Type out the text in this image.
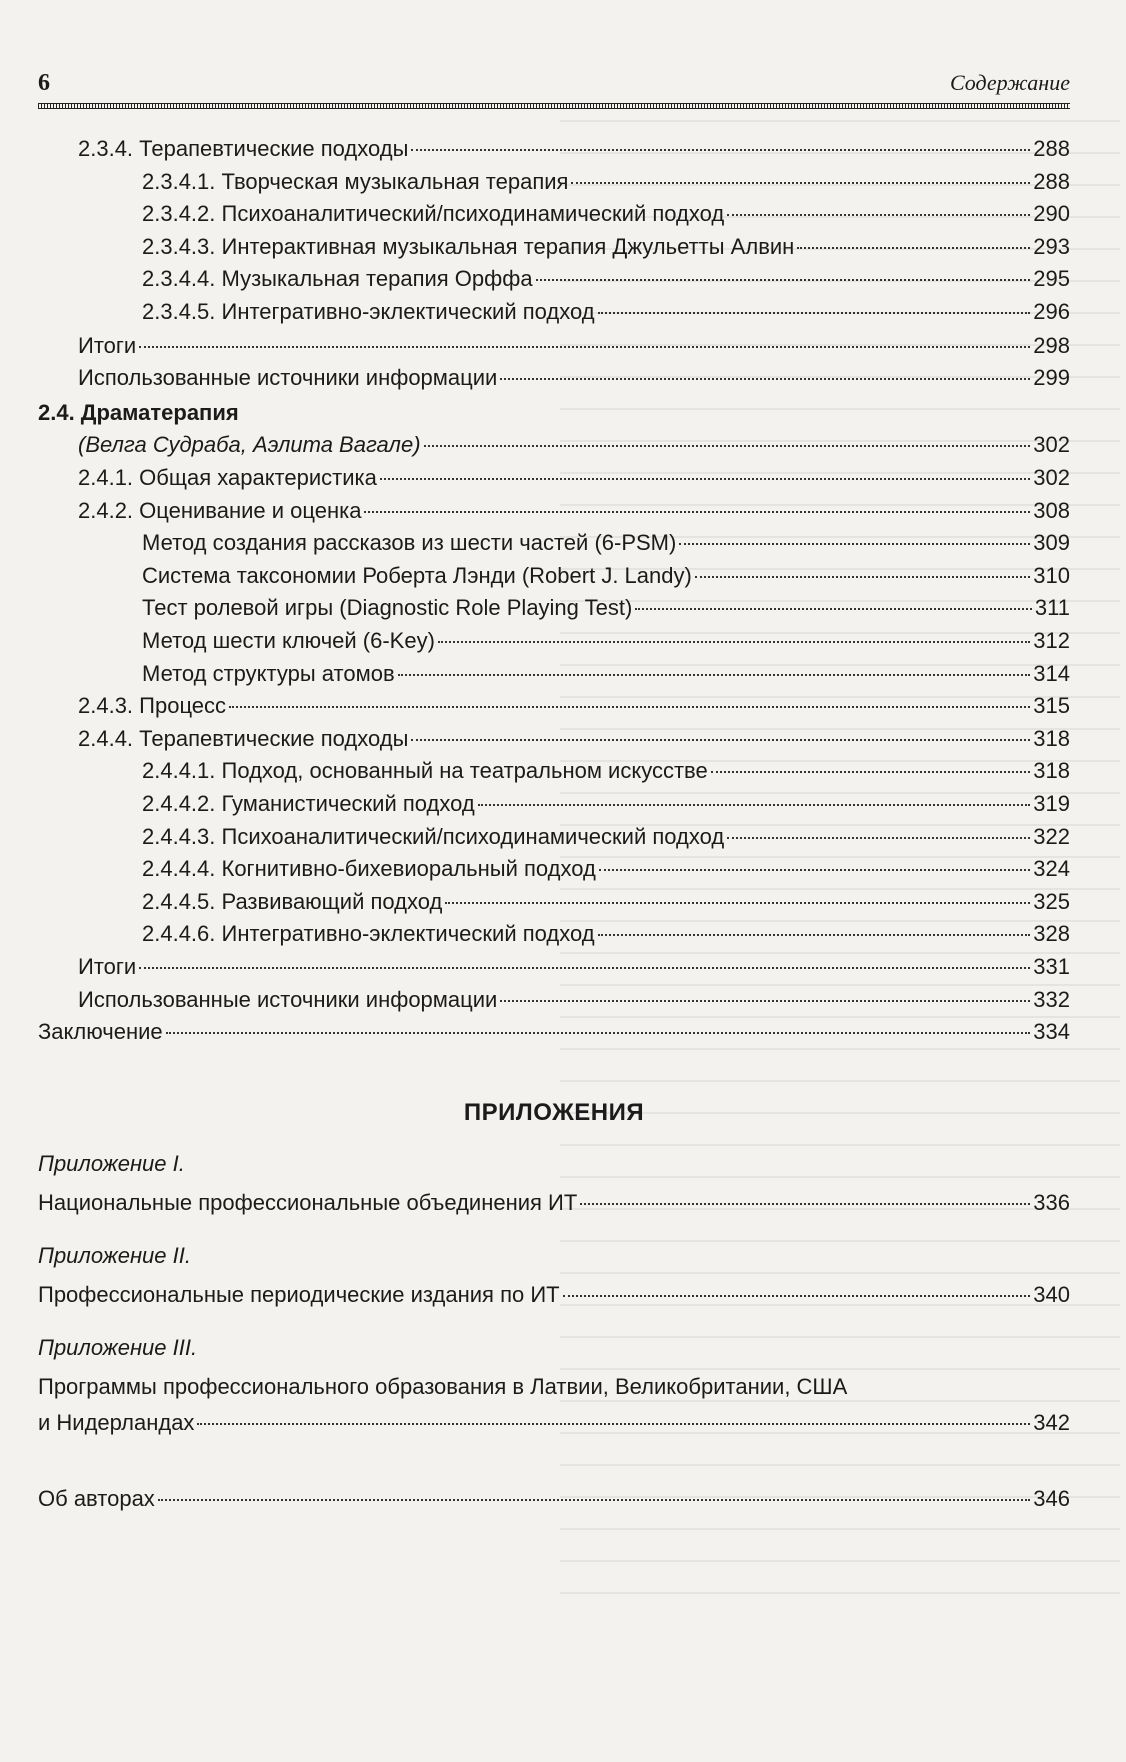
6	Содержание
2.3.4. Терапевтические подходы	288
2.3.4.1. Творческая музыкальная терапия	288
2.3.4.2. Психоаналитический/психодинамический подход	290
2.3.4.3. Интерактивная музыкальная терапия Джульетты Алвин	293
2.3.4.4. Музыкальная терапия Орффа	295
2.3.4.5. Интегративно-эклектический подход	296
Итоги	298
Использованные источники информации	299
2.4. Драматерапия
(Велга Судраба, Аэлита Вагале)	302
2.4.1. Общая характеристика	302
2.4.2. Оценивание и оценка	308
Метод создания рассказов из шести частей (6-PSM)	309
Система таксономии Роберта Лэнди (Robert J. Landy)	310
Тест ролевой игры (Diagnostic Role Playing Test)	311
Метод шести ключей (6-Key)	312
Метод структуры атомов	314
2.4.3. Процесс	315
2.4.4. Терапевтические подходы	318
2.4.4.1. Подход, основанный на театральном искусстве	318
2.4.4.2. Гуманистический подход	319
2.4.4.3. Психоаналитический/психодинамический подход	322
2.4.4.4. Когнитивно-бихевиоральный подход	324
2.4.4.5. Развивающий подход	325
2.4.4.6. Интегративно-эклектический подход	328
Итоги	331
Использованные источники информации	332
Заключение	334
ПРИЛОЖЕНИЯ
Приложение I.
Национальные профессиональные объединения ИТ	336
Приложение II.
Профессиональные периодические издания по ИТ	340
Приложение III.
Программы профессионального образования в Латвии, Великобритании, США
и Нидерландах	342
Об авторах	346
